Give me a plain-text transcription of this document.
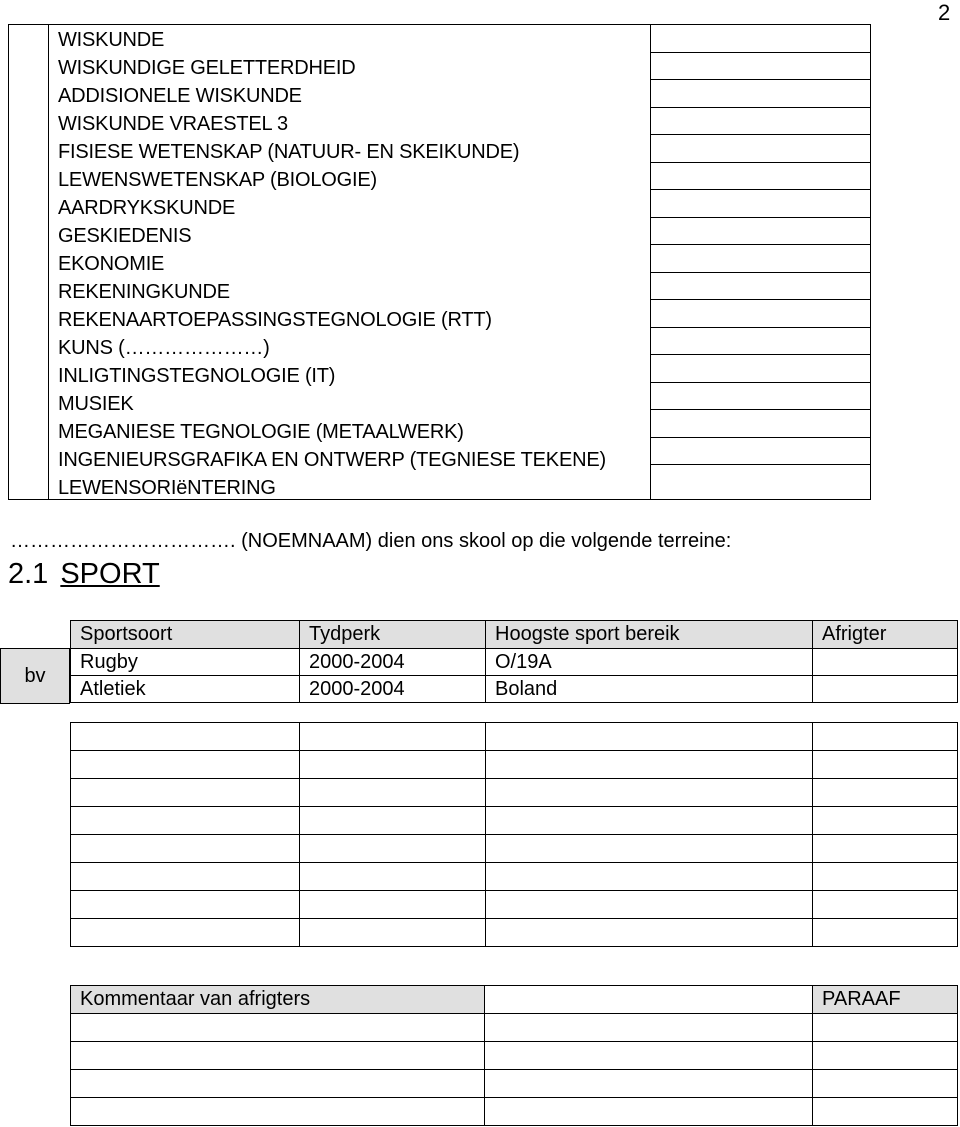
2
WISKUNDE
WISKUNDIGE GELETTERDHEID
ADDISIONELE WISKUNDE
WISKUNDE VRAESTEL 3
FISIESE WETENSKAP (NATUUR- EN SKEIKUNDE)
LEWENSWETENSKAP (BIOLOGIE)
AARDRYKSKUNDE
GESKIEDENIS
EKONOMIE
REKENINGKUNDE
REKENAARTOEPASSINGSTEGNOLOGIE (RTT)
KUNS (…………………)
INLIGTINGSTEGNOLOGIE (IT)
MUSIEK
MEGANIESE TEGNOLOGIE (METAALWERK)
INGENIEURSGRAFIKA EN ONTWERP (TEGNIESE TEKENE)
LEWENSORIëNTERING
……………………………. (NOEMNAAM) dien ons skool op die volgende terreine:
2.1 SPORT
bv
Sportsoort	Tydperk	Hoogste sport bereik	Afrigter
Rugby	2000-2004	O/19A	
Atletiek	2000-2004	Boland	

Kommentaar van afrigters		PARAAF
